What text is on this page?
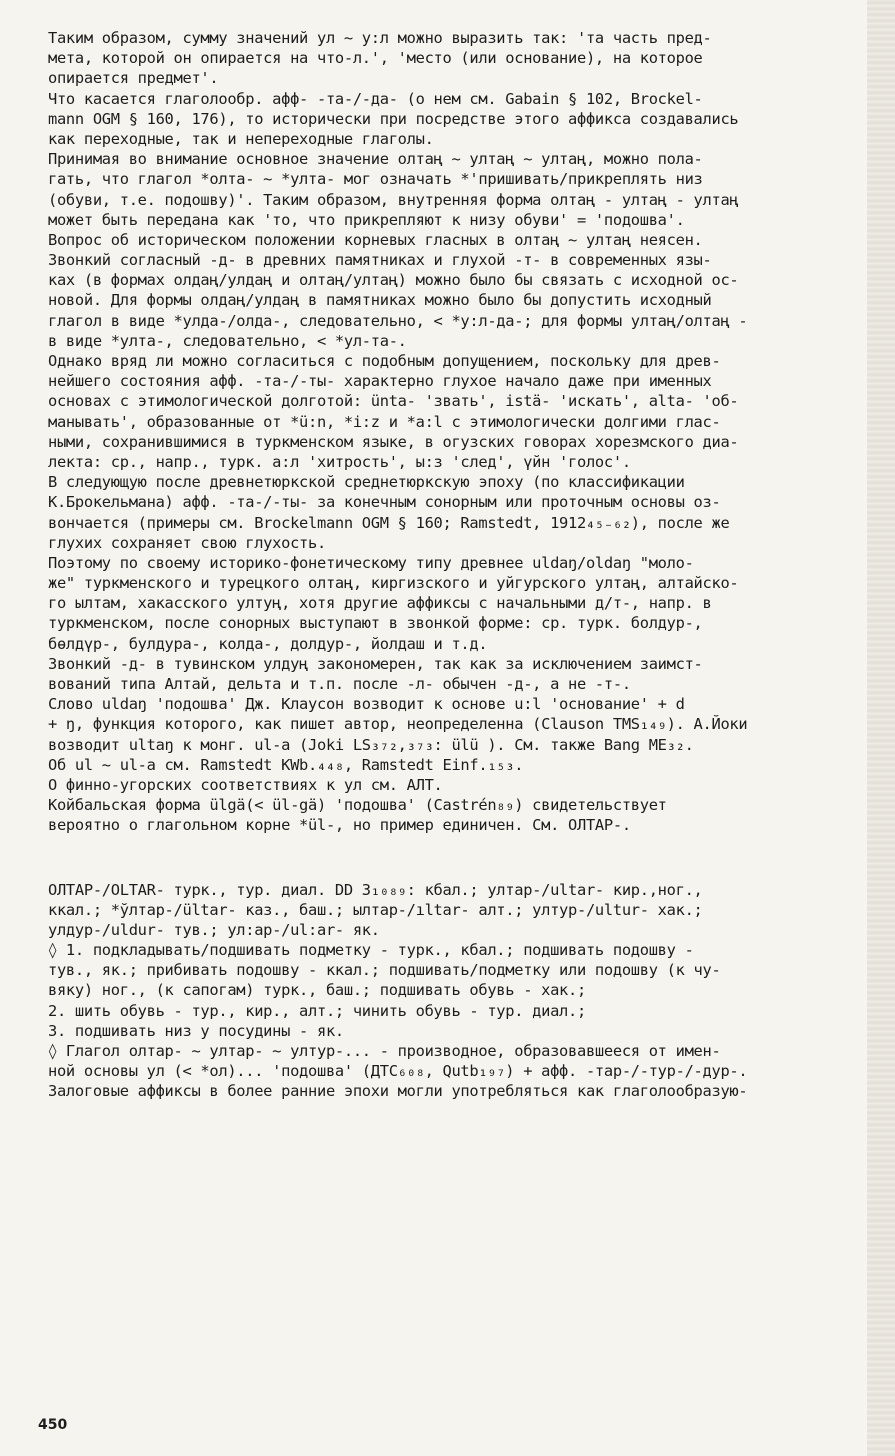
Таким образом, сумму значений ул ~ у:л можно выразить так: 'та часть пред-
мета, которой он опирается на что-л.', 'место (или основание), на которое
опирается предмет'.
Что касается глаголообр. афф- -та-/-да- (о нем см. Gabain § 102, Brockel-
mann OGM § 160, 176), то исторически при посредстве этого аффикса создавались
как переходные, так и непереходные глаголы.
Принимая во внимание основное значение олтаң ~ ултаң ~ ултаң, можно пола-
гать, что глагол *олта- ~ *ултa- мог означать *'пришивать/прикреплять низ
(обуви, т.е. подошву)'. Таким образом, внутренняя форма олтаң - ултаң - ултаң
может быть передана как 'то, что прикрепляют к низу обуви' = 'подошва'.
Вопрос об историческом положении корневых гласных в олтаң ~ ултаң неясен.
Звонкий согласный -д- в древних памятниках и глухой -т- в современных язы-
ках (в формах олдаң/улдаң и олтаң/ултаң) можно было бы связать с исходной ос-
новой. Для формы олдаң/улдаң в памятниках можно было бы допустить исходный
глагол в виде *улда-/олда-, следовательно, < *у:л-да-; для формы ултаң/олтаң -
в виде *улта-, следовательно, < *ул-та-.
Однако вряд ли можно согласиться с подобным допущением, поскольку для древ-
нейшего состояния афф. -та-/-ты- характерно глухое начало даже при именных
основах с этимологической долготой: ünta- 'звать', istä- 'искать', alta- 'об-
манывать', образованные от *ü:n, *i:z и *a:l с этимологически долгими глас-
ными, сохранившимися в туркменском языке, в огузских говорах хорезмского диа-
лекта: ср., напр., турк. а:л 'хитрость', ы:з 'след', үйн 'голос'.
В следующую после древнетюркской среднетюркскую эпоху (по классификации
К.Брокельмана) афф. -та-/-ты- за конечным сонорным или проточным основы оз-
вончается (примеры см. Brockelmann OGM § 160; Ramstedt, 1912₄₅₋₆₂), после же
глухих сохраняет свою глухость.
Поэтому по своему историко-фонетическому типу древнее uldaŋ/oldaŋ "моло-
же" туркменского и турецкого олтаң, киргизского и уйгурского ултаң, алтайско-
го ылтам, хакасского ултуң, хотя другие аффиксы с начальными д/т-, напр. в
туркменском, после сонорных выступают в звонкой форме: ср. турк. болдур-,
бөлдүр-, булдура-, колда-, долдур-, йолдаш и т.д.
Звонкий -д- в тувинском улдуң закономерен, так как за исключением заимст-
вований типа Алтай, дельта и т.п. после -л- обычен -д-, а не -т-.
Слово uldaŋ 'подошва' Дж. Клаусон возводит к основе u:l 'основание' + d
+ ŋ, функция которого, как пишет автор, неопределенна (Clauson TMS₁₄₉). А.Йоки
возводит ultaŋ к монг. ul-a (Joki LS₃₇₂,₃₇₃: ülü ). См. также Bang ME₃₂.
Об ul ~ ul-a см. Ramstedt KWb.₄₄₈, Ramstedt Einf.₁₅₃.
О финно-угорских соответствиях к ул см. АЛТ.
Койбальская форма ülgä(< ül-gä) 'подошва' (Castrén₈₉) свидетельствует
вероятно о глагольном корне *ül-, но пример единичен. См. ОЛТАР-.
ОЛТАР-/OLTAR- турк., тур. диал. DD 3₁₀₈₉: кбал.; ултар-/ultar- кир.,ног.,
ккал.; *ўлтар-/ültar- каз., баш.; ылтар-/ıltar- алт.; ултур-/ultur- хак.;
улдур-/uldur- тув.; ул:ар-/ul:ar- як.
◊ 1. подкладывать/подшивать подметку - турк., кбал.; подшивать подошву -
тув., як.; прибивать подошву - ккал.; подшивать/подметку или подошву (к чу-
вяку) ног., (к сапогам) турк., баш.; подшивать обувь - хак.;
2. шить обувь - тур., кир., алт.; чинить обувь - тур. диал.;
3. подшивать низ у посудины - як.
◊ Глагол олтар- ~ ултар- ~ ултур-... - производное, образовавшееся от имен-
ной основы ул (< *ол)... 'подошва' (ДТС₆₀₈, Qutb₁₉₇) + афф. -тар-/-тур-/-дур-.
Залоговые аффиксы в более ранние эпохи могли употребляться как глаголообразую-
450
